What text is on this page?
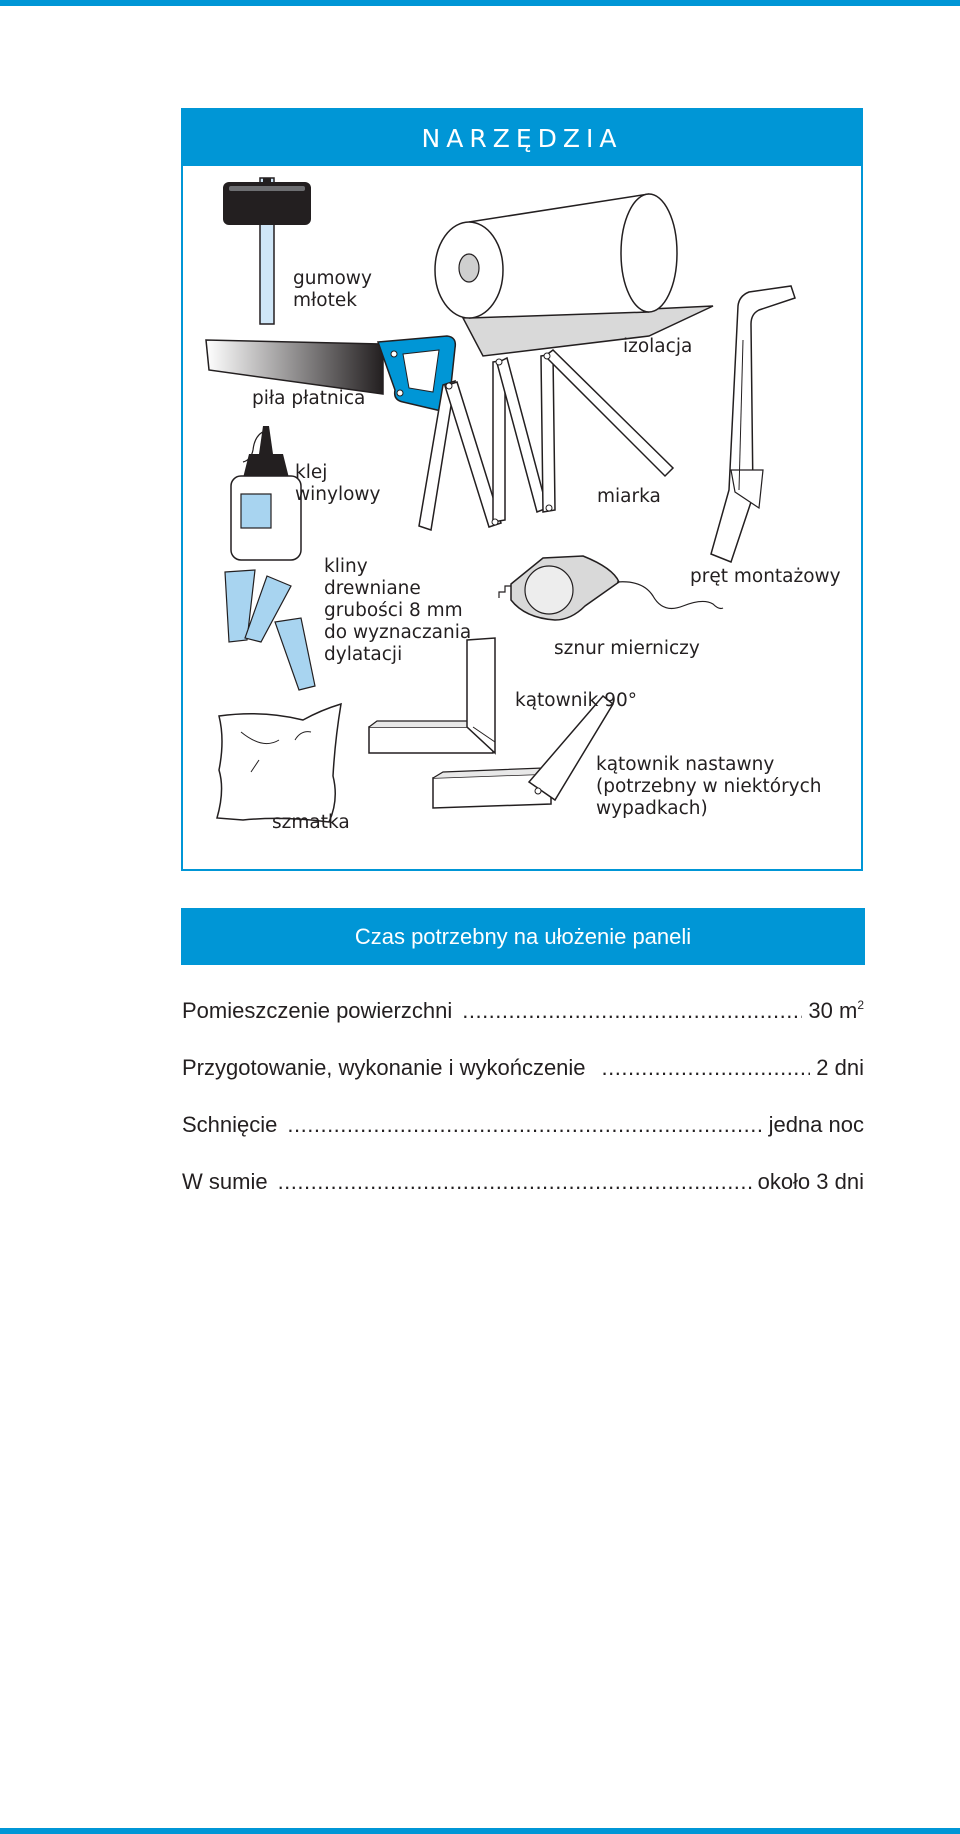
NARZĘDZIA

gumowy
młotek

piła płatnica

izolacja

klej
winylowy	miarka

pręt montażowy

kliny
drewniane
grubości 8 mm
do wyznaczania
dylatacji	sznur mierniczy

kątownik 90°

kątownik nastawny
(potrzebny w niektórych
wypadkach)

szmatka

Czas potrzebny na ułożenie paneli
Pomieszczenie powierzchni .....	30 $m^2$
Przygotowanie, wykonanie i wykończenie .....	2 dni
Schnięcie .....	jedna noc
W sumie .....	około 3 dni
